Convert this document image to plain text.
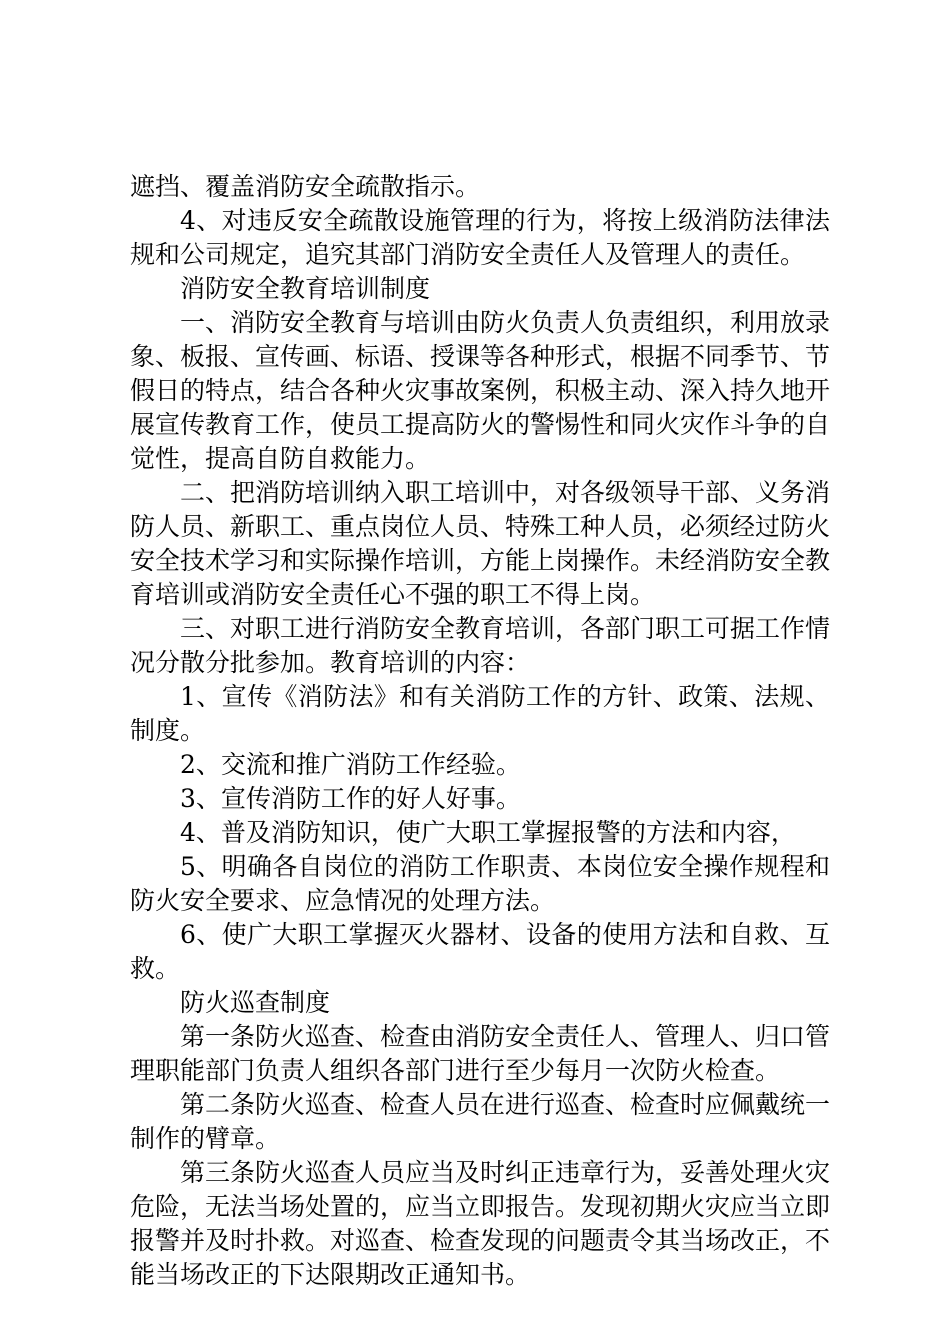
遮挡、覆盖消防安全疏散指示。

4、对违反安全疏散设施管理的行为，将按上级消防法律法规和公司规定，追究其部门消防安全责任人及管理人的责任。

消防安全教育培训制度

一、消防安全教育与培训由防火负责人负责组织，利用放录象、板报、宣传画、标语、授课等各种形式，根据不同季节、节假日的特点，结合各种火灾事故案例，积极主动、深入持久地开展宣传教育工作，使员工提高防火的警惕性和同火灾作斗争的自觉性，提高自防自救能力。

二、把消防培训纳入职工培训中，对各级领导干部、义务消防人员、新职工、重点岗位人员、特殊工种人员，必须经过防火安全技术学习和实际操作培训，方能上岗操作。未经消防安全教育培训或消防安全责任心不强的职工不得上岗。

三、对职工进行消防安全教育培训，各部门职工可据工作情况分散分批参加。教育培训的内容：

1、宣传《消防法》和有关消防工作的方针、政策、法规、制度。

2、交流和推广消防工作经验。

3、宣传消防工作的好人好事。

4、普及消防知识，使广大职工掌握报警的方法和内容，

5、明确各自岗位的消防工作职责、本岗位安全操作规程和防火安全要求、应急情况的处理方法。

6、使广大职工掌握灭火器材、设备的使用方法和自救、互救。

防火巡查制度

第一条防火巡查、检查由消防安全责任人、管理人、归口管理职能部门负责人组织各部门进行至少每月一次防火检查。

第二条防火巡查、检查人员在进行巡查、检查时应佩戴统一制作的臂章。

第三条防火巡查人员应当及时纠正违章行为，妥善处理火灾危险，无法当场处置的，应当立即报告。发现初期火灾应当立即报警并及时扑救。对巡查、检查发现的问题责令其当场改正，不能当场改正的下达限期改正通知书。
